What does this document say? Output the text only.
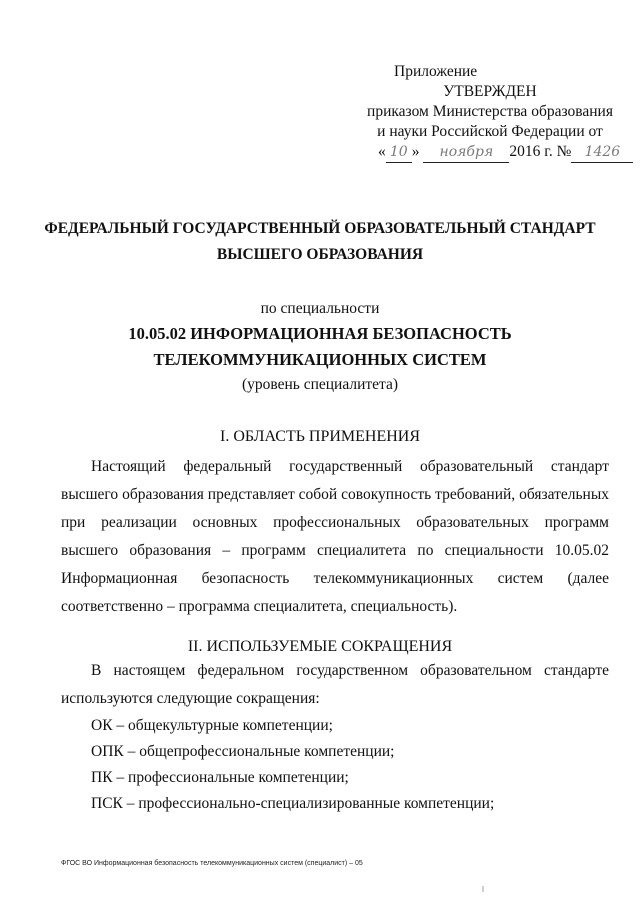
Приложение
УТВЕРЖДЕН
приказом Министерства образования
и науки Российской Федерации от
« 10 » ноября 2016 г. № 1426
ФЕДЕРАЛЬНЫЙ ГОСУДАРСТВЕННЫЙ ОБРАЗОВАТЕЛЬНЫЙ СТАНДАРТ
ВЫСШЕГО ОБРАЗОВАНИЯ
по специальности
10.05.02 ИНФОРМАЦИОННАЯ БЕЗОПАСНОСТЬ
ТЕЛЕКОММУНИКАЦИОННЫХ СИСТЕМ
(уровень специалитета)
I. ОБЛАСТЬ ПРИМЕНЕНИЯ
Настоящий федеральный государственный образовательный стандарт высшего образования представляет собой совокупность требований, обязательных при реализации основных профессиональных образовательных программ высшего образования – программ специалитета по специальности 10.05.02 Информационная безопасность телекоммуникационных систем (далее соответственно – программа специалитета, специальность).
II. ИСПОЛЬЗУЕМЫЕ СОКРАЩЕНИЯ
В настоящем федеральном государственном образовательном стандарте используются следующие сокращения:
ОК – общекультурные компетенции;
ОПК – общепрофессиональные компетенции;
ПК – профессиональные компетенции;
ПСК – профессионально-специализированные компетенции;
ФГОС ВО Информационная безопасность телекоммуникационных систем (специалист) – 05
